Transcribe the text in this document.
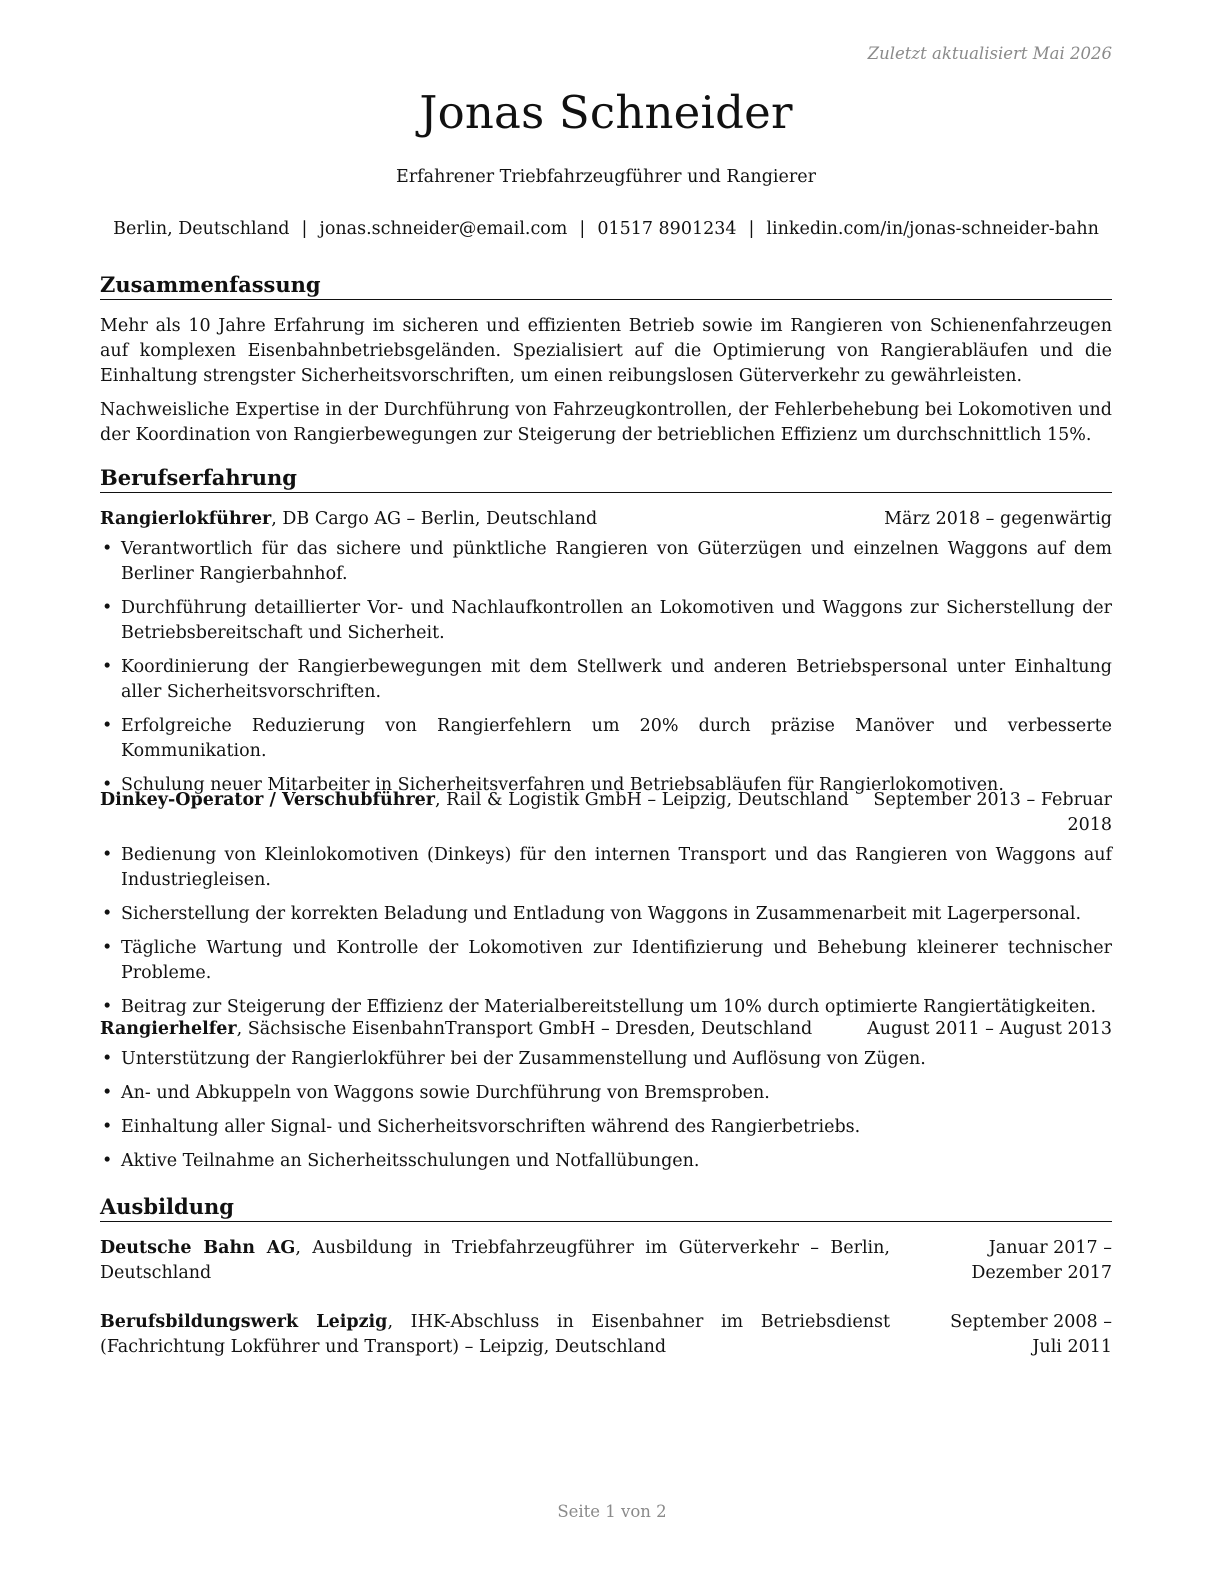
Zuletzt aktualisiert Mai 2026
Jonas Schneider
Erfahrener Triebfahrzeugführer und Rangierer
Berlin, Deutschland | jonas.schneider@email.com | 01517 8901234 | linkedin.com/in/jonas-schneider-bahn
Zusammenfassung
Mehr als 10 Jahre Erfahrung im sicheren und effizienten Betrieb sowie im Rangieren von Schienenfahrzeugen auf komplexen Eisenbahnbetriebsgeländen. Spezialisiert auf die Optimierung von Rangierabläufen und die Einhaltung strengster Sicherheitsvorschriften, um einen reibungslosen Güterverkehr zu gewährleisten.
Nachweisliche Expertise in der Durchführung von Fahrzeugkontrollen, der Fehlerbehebung bei Lokomotiven und der Koordination von Rangierbewegungen zur Steigerung der betrieblichen Effizienz um durchschnittlich 15%.
Berufserfahrung
Rangierlokführer, DB Cargo AG – Berlin, Deutschland	März 2018 – gegenwärtig
• Verantwortlich für das sichere und pünktliche Rangieren von Güterzügen und einzelnen Waggons auf dem Berliner Rangierbahnhof.
• Durchführung detaillierter Vor- und Nachlaufkontrollen an Lokomotiven und Waggons zur Sicherstellung der Betriebsbereitschaft und Sicherheit.
• Koordinierung der Rangierbewegungen mit dem Stellwerk und anderen Betriebspersonal unter Einhaltung aller Sicherheitsvorschriften.
• Erfolgreiche Reduzierung von Rangierfehlern um 20% durch präzise Manöver und verbesserte Kommunikation.
• Schulung neuer Mitarbeiter in Sicherheitsverfahren und Betriebsabläufen für Rangierlokomotiven.
Dinkey-Operator / Verschubführer, Rail & Logistik GmbH – Leipzig, Deutschland September 2013 – Februar 2018
• Bedienung von Kleinlokomotiven (Dinkeys) für den internen Transport und das Rangieren von Waggons auf Industriegleisen.
• Sicherstellung der korrekten Beladung und Entladung von Waggons in Zusammenarbeit mit Lagerpersonal.
• Tägliche Wartung und Kontrolle der Lokomotiven zur Identifizierung und Behebung kleinerer technischer Probleme.
• Beitrag zur Steigerung der Effizienz der Materialbereitstellung um 10% durch optimierte Rangiertätigkeiten.
Rangierhelfer, Sächsische EisenbahnTransport GmbH – Dresden, Deutschland	August 2011 – August 2013
• Unterstützung der Rangierlokführer bei der Zusammenstellung und Auflösung von Zügen.
• An- und Abkuppeln von Waggons sowie Durchführung von Bremsproben.
• Einhaltung aller Signal- und Sicherheitsvorschriften während des Rangierbetriebs.
• Aktive Teilnahme an Sicherheitsschulungen und Notfallübungen.
Ausbildung
Deutsche Bahn AG, Ausbildung in Triebfahrzeugführer im Güterverkehr – Berlin, Deutschland
Januar 2017 – Dezember 2017
Berufsbildungswerk Leipzig, IHK-Abschluss in Eisenbahner im Betriebsdienst (Fachrichtung Lokführer und Transport) – Leipzig, Deutschland
September 2008 – Juli 2011
Seite 1 von 2
